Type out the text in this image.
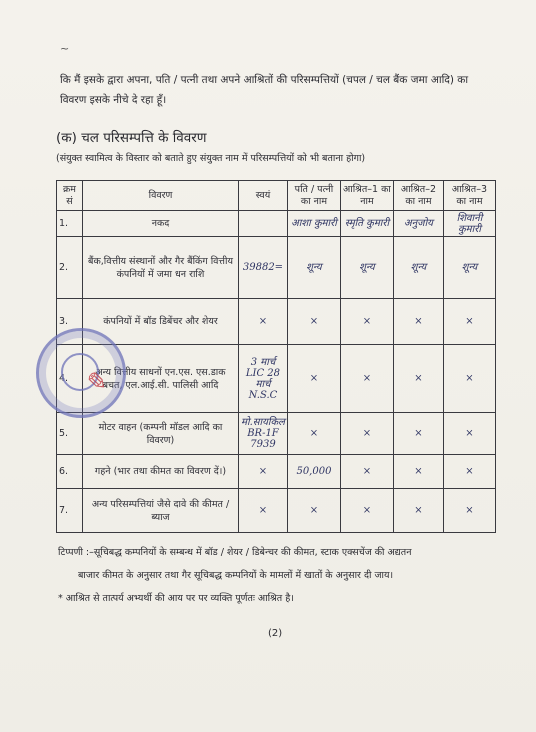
~
कि मैं इसके द्वारा अपना, पति / पत्नी तथा अपने आश्रितों की परिसम्पत्तियों (चपल / चल बैंक जमा आदि) का विवरण इसके नीचे दे रहा हूँ।
(क) चल परिसम्पत्ति के विवरण
(संयुक्त स्वामित्व के विस्तार को बताते हुए संयुक्त नाम में परिसम्पत्तियों को भी बताना होगा)
क्रम सं	विवरण	स्वयं	पति / पत्नी का नाम	आश्रित–1 का नाम	आश्रित–2 का नाम	आश्रित–3 का नाम
1.	नकद		आशा कुमारी	स्मृति कुमारी	अनुजोय	शिवानी कुमारी
2.	बैंक,वित्तीय संस्थानों और गैर बैंकिंग वित्तीय कंपनियों में जमा धन राशि	39882=	शून्य	शून्य	शून्य	शून्य
3.	कंपनियों में बॉड डिबेंचर और शेयर	×	×	×	×	×
4.	अन्य वित्तीय साधनों एन.एस. एस.डाक बचत, एल.आई.सी. पालिसी आदि	3 मार्च LIC 28 मार्च N.S.C	×	×	×	×
5.	मोटर वाहन (कम्पनी मॉडल आदि का विवरण)	मो.सायकिल BR-1F 7939	×	×	×	×
6.	गहने (भार तथा कीमत का विवरण दें।)	×	50,000	×	×	×
7.	अन्य परिसम्पत्तियां जैसे दावे की कीमत / ब्याज	×	×	×	×	×
✎
टिप्पणी :–सूचिबद्ध कम्पनियों के सम्बन्ध में बॉड / शेयर / डिबेन्चर की कीमत, स्टाक एक्सचेंज की अद्यतन
बाजार कीमत के अनुसार तथा गैर सूचिबद्ध कम्पनियों के मामलों में खातों के अनुसार दी जाय।
* आश्रित से तात्पर्य अभ्यर्थी की आय पर पर व्यक्ति पूर्णतः आश्रित है।
(2)
